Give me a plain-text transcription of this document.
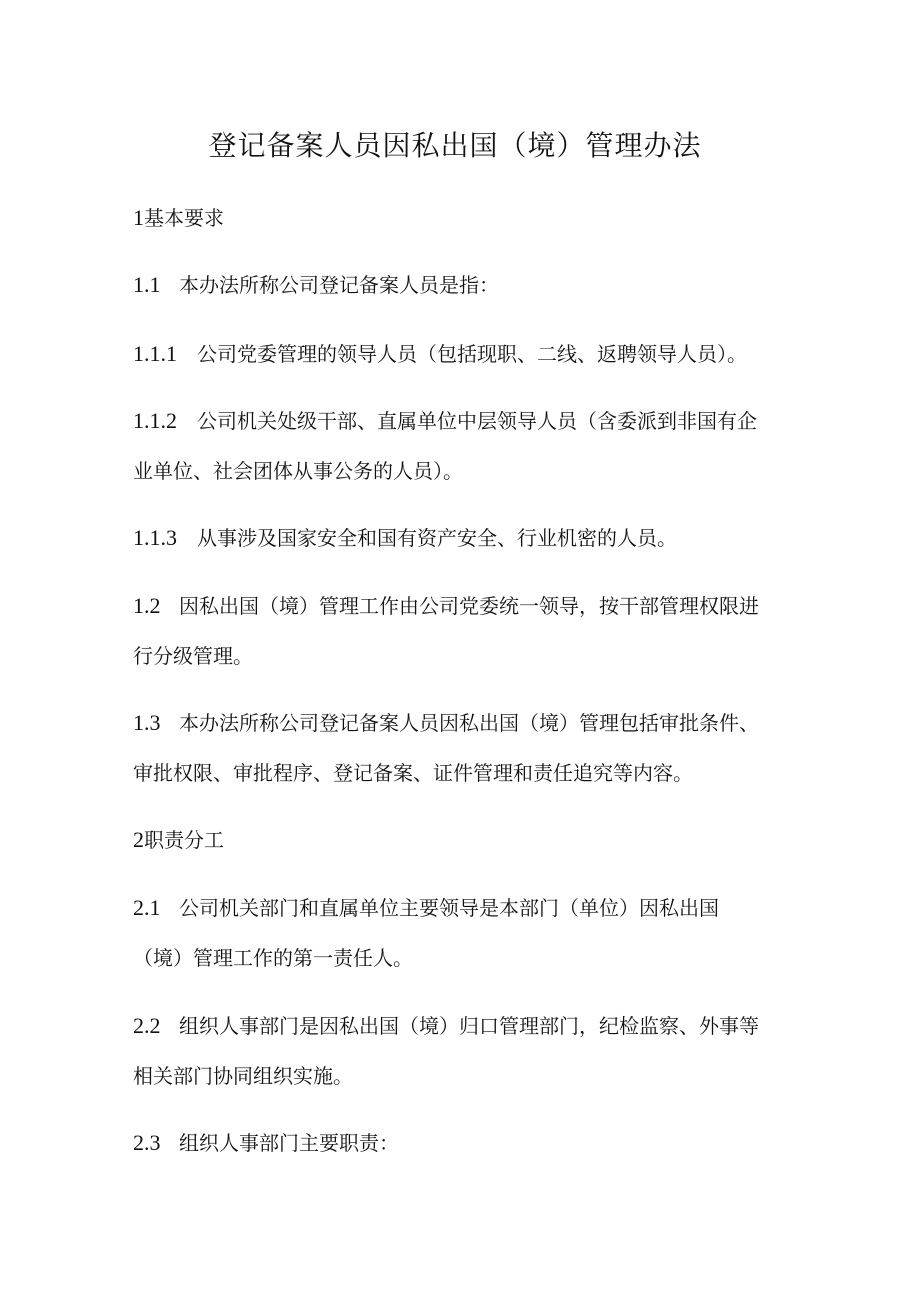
登记备案人员因私出国（境）管理办法
1基本要求
1.1 本办法所称公司登记备案人员是指：
1.1.1 公司党委管理的领导人员（包括现职、二线、返聘领导人员）。
1.1.2 公司机关处级干部、直属单位中层领导人员（含委派到非国有企
业单位、社会团体从事公务的人员）。
1.1.3 从事涉及国家安全和国有资产安全、行业机密的人员。
1.2 因私出国（境）管理工作由公司党委统一领导，按干部管理权限进
行分级管理。
1.3 本办法所称公司登记备案人员因私出国（境）管理包括审批条件、
审批权限、审批程序、登记备案、证件管理和责任追究等内容。
2职责分工
2.1 公司机关部门和直属单位主要领导是本部门（单位）因私出国
（境）管理工作的第一责任人。
2.2 组织人事部门是因私出国（境）归口管理部门，纪检监察、外事等
相关部门协同组织实施。
2.3 组织人事部门主要职责：
